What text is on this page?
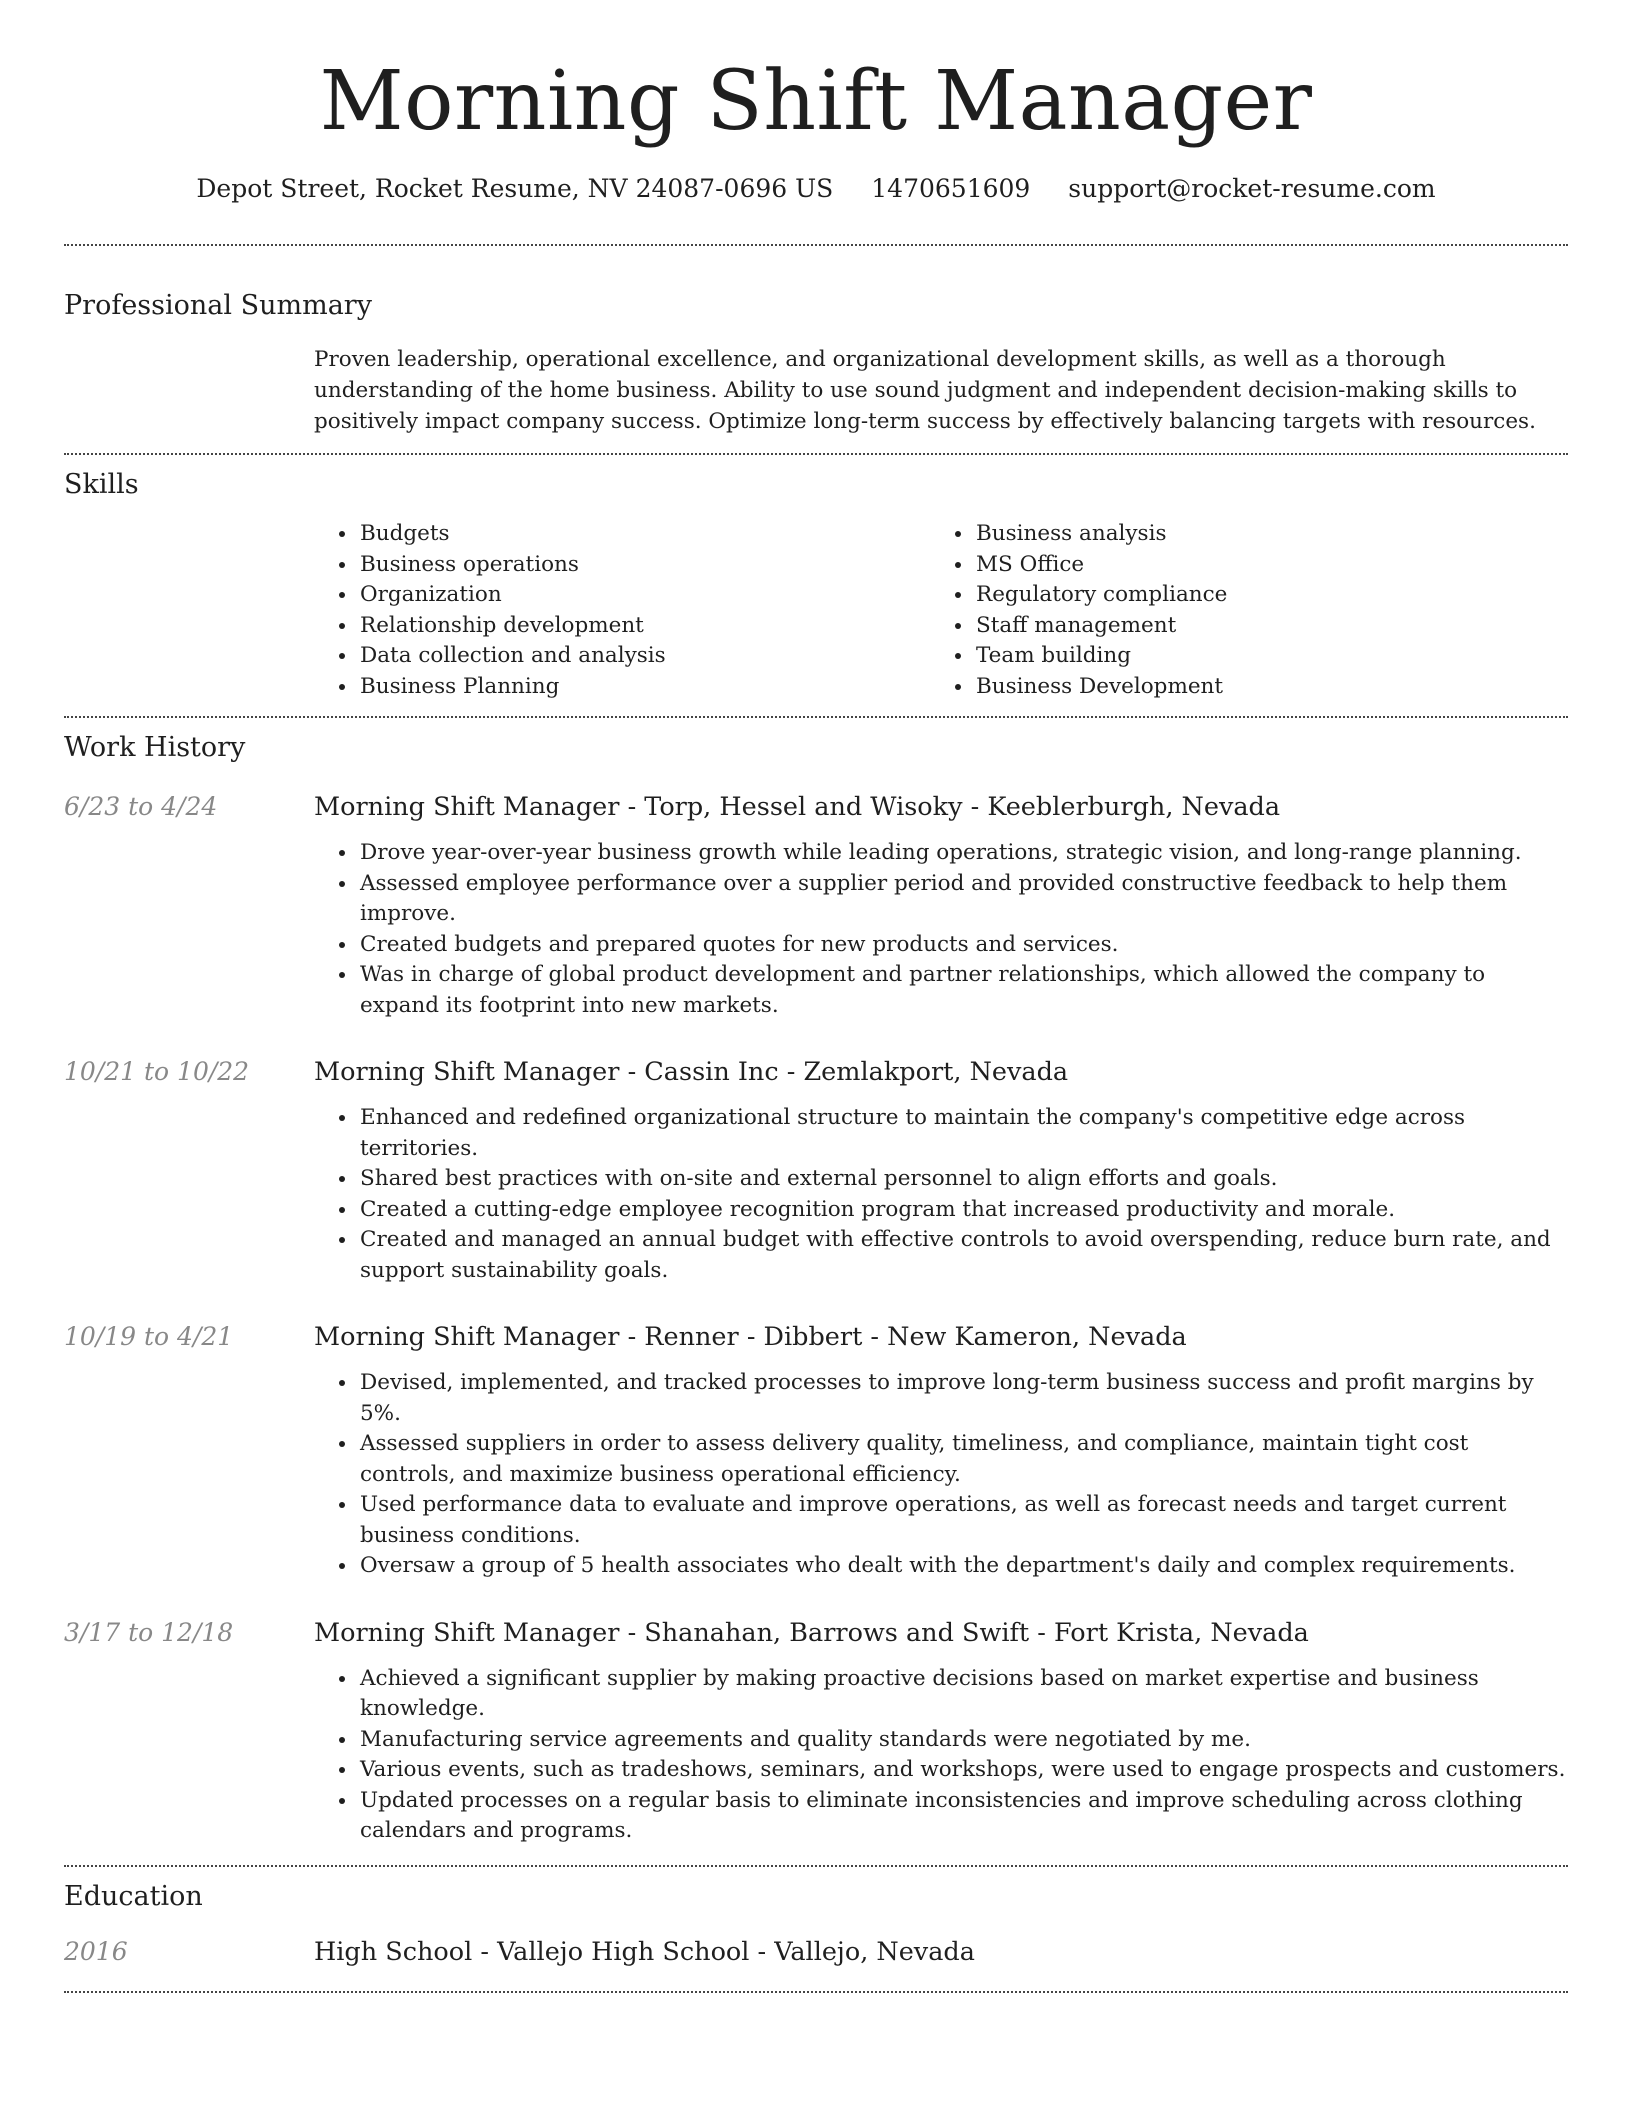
Morning Shift Manager
Depot Street, Rocket Resume, NV 24087-0696 US 1470651609 support@rocket-resume.com
Professional Summary

Proven leadership, operational excellence, and organizational development skills, as well as a thorough understanding of the home business. Ability to use sound judgment and independent decision-making skills to positively impact company success. Optimize long-term success by effectively balancing targets with resources.

Skills
• Budgets
• Business operations
• Organization
• Relationship development
• Data collection and analysis
• Business Planning
• Business analysis
• MS Office
• Regulatory compliance
• Staff management
• Team building
• Business Development
Work History
6/23 to 4/24	Morning Shift Manager - Torp, Hessel and Wisoky - Keeblerburgh, Nevada
• Drove year-over-year business growth while leading operations, strategic vision, and long-range planning.
• Assessed employee performance over a supplier period and provided constructive feedback to help them improve.
• Created budgets and prepared quotes for new products and services.
• Was in charge of global product development and partner relationships, which allowed the company to expand its footprint into new markets.
10/21 to 10/22	Morning Shift Manager - Cassin Inc - Zemlakport, Nevada
• Enhanced and redefined organizational structure to maintain the company's competitive edge across territories.
• Shared best practices with on-site and external personnel to align efforts and goals.
• Created a cutting-edge employee recognition program that increased productivity and morale.
• Created and managed an annual budget with effective controls to avoid overspending, reduce burn rate, and support sustainability goals.
10/19 to 4/21	Morning Shift Manager - Renner - Dibbert - New Kameron, Nevada
• Devised, implemented, and tracked processes to improve long-term business success and profit margins by 5%.
• Assessed suppliers in order to assess delivery quality, timeliness, and compliance, maintain tight cost controls, and maximize business operational efficiency.
• Used performance data to evaluate and improve operations, as well as forecast needs and target current business conditions.
• Oversaw a group of 5 health associates who dealt with the department's daily and complex requirements.
3/17 to 12/18	Morning Shift Manager - Shanahan, Barrows and Swift - Fort Krista, Nevada
• Achieved a significant supplier by making proactive decisions based on market expertise and business knowledge.
• Manufacturing service agreements and quality standards were negotiated by me.
• Various events, such as tradeshows, seminars, and workshops, were used to engage prospects and customers.
• Updated processes on a regular basis to eliminate inconsistencies and improve scheduling across clothing calendars and programs.
Education
2016	High School - Vallejo High School - Vallejo, Nevada
